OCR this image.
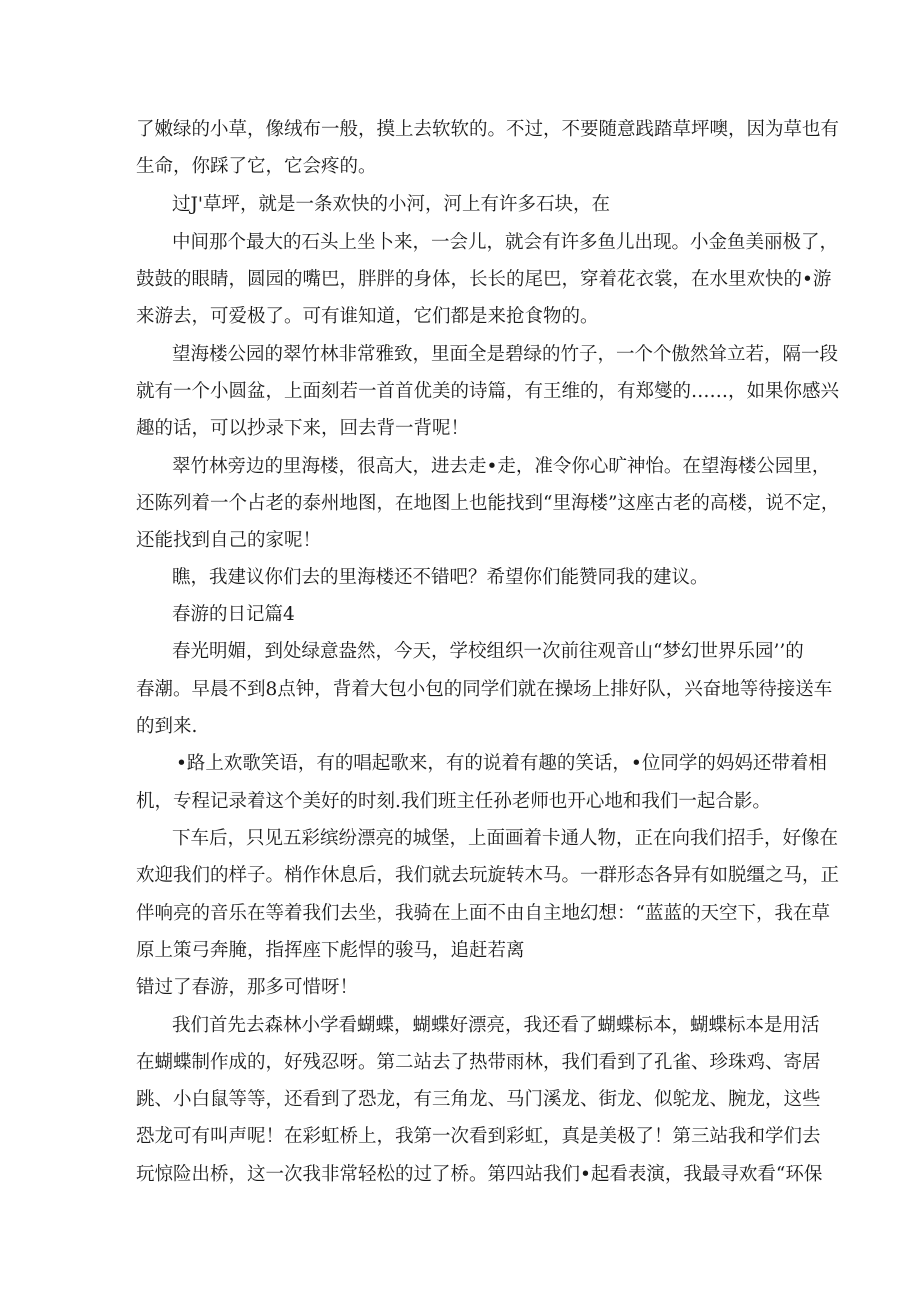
了嫩绿的小草，像绒布一般，摸上去软软的。不过，不要随意践踏草坪噢，因为草也有

生命，你踩了它，它会疼的。

过J'草坪，就是一条欢快的小河，河上有许多石块，在

中间那个最大的石头上坐卜来，一会儿，就会有许多鱼儿出现。小金鱼美丽极了，

鼓鼓的眼睛，圆园的嘴巴，胖胖的身体，长长的尾巴，穿着花衣裳，在水里欢快的•游

来游去，可爱极了。可有谁知道，它们都是来抢食物的。

望海楼公园的翠竹林非常雅致，里面全是碧绿的竹子，一个个傲然耸立若，隔一段

就有一个小圆盆，上面刻若一首首优美的诗篇，有王维的，有郑燮的……，如果你感兴

趣的话，可以抄录下来，回去背一背呢！

翠竹林旁边的里海楼，很高大，进去走•走，准令你心旷神怡。在望海楼公园里，

还陈列着一个占老的泰州地图，在地图上也能找到“里海楼”这座古老的高楼，说不定，

还能找到自己的家呢！

瞧，我建议你们去的里海楼还不错吧？希望你们能赞同我的建议。

春游的日记篇4

春光明媚，到处绿意盎然，今天，学校组织一次前往观音山“梦幻世界乐园’’的

春潮。早晨不到8点钟，背着大包小包的同学们就在操场上排好队，兴奋地等待接送车

的到来.

•路上欢歌笑语，有的唱起歌来，有的说着有趣的笑话，•位同学的妈妈还带着相

机，专程记录着这个美好的时刻.我们班主任孙老师也开心地和我们一起合影。

下车后，只见五彩缤纷漂亮的城堡，上面画着卡通人物，正在向我们招手，好像在

欢迎我们的样子。梢作休息后，我们就去玩旋转木马。一群形态各异有如脱缰之马，正

伴响亮的音乐在等着我们去坐，我骑在上面不由自主地幻想：“蓝蓝的天空下，我在草

原上策弓奔腌，指挥座下彪悍的骏马，追赶若离

错过了春游，那多可惜呀！

我们首先去森林小学看蝴蝶，蝴蝶好漂亮，我还看了蝴蝶标本，蝴蝶标本是用活

在蝴蝶制作成的，好残忍呀。第二站去了热带雨林，我们看到了孔雀、珍珠鸡、寄居

跳、小白鼠等等，还看到了恐龙，有三角龙、马门溪龙、街龙、似鸵龙、腕龙，这些

恐龙可有叫声呢！在彩虹桥上，我第一次看到彩虹，真是美极了！第三站我和学们去

玩惊险出桥，这一次我非常轻松的过了桥。第四站我们•起看表演，我最寻欢看“环保
